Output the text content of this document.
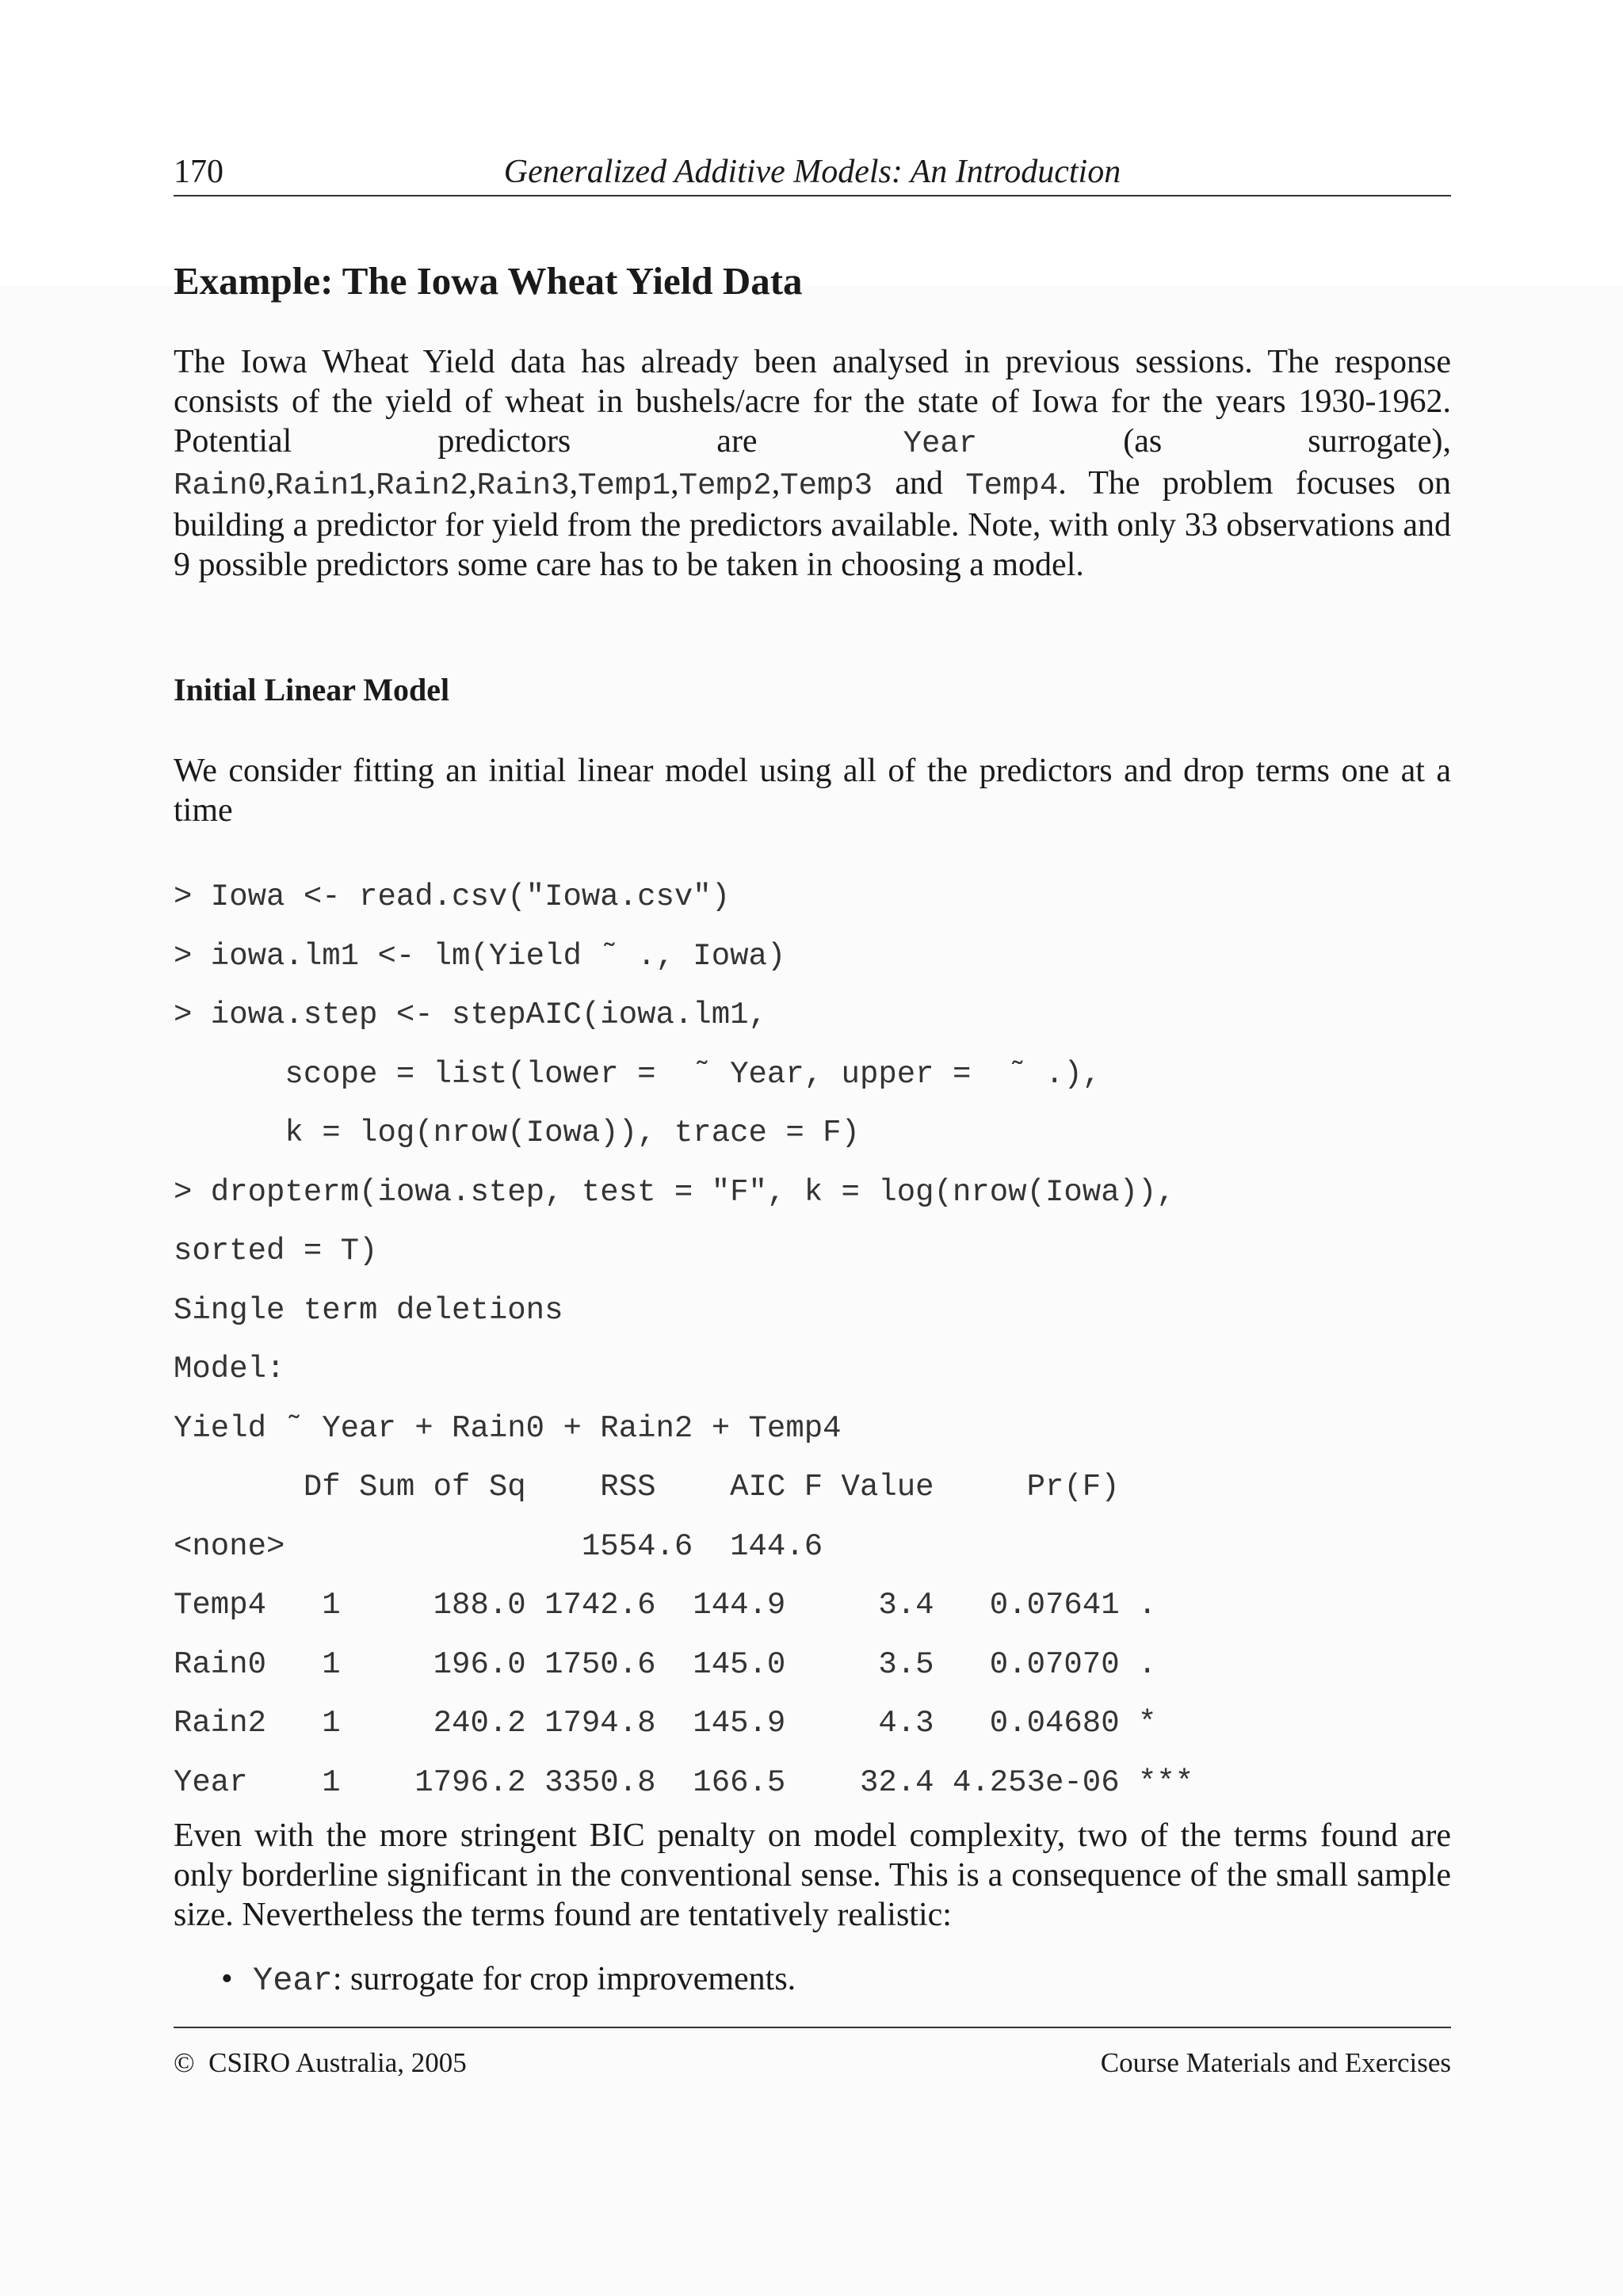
170	Generalized Additive Models: An Introduction
Example: The Iowa Wheat Yield Data

The Iowa Wheat Yield data has already been analysed in previous sessions. The response consists of the yield of wheat in bushels/acre for the state of Iowa for the years 1930-1962. Potential predictors are Year (as surrogate), Rain0,Rain1,Rain2,Rain3,Temp1,Temp2,Temp3 and Temp4. The problem focuses on building a predictor for yield from the predictors available. Note, with only 33 observations and 9 possible predictors some care has to be taken in choosing a model.

Initial Linear Model

We consider fitting an initial linear model using all of the predictors and drop terms one at a time

> Iowa <- read.csv("Iowa.csv")
> iowa.lm1 <- lm(Yield ˜ ., Iowa)
> iowa.step <- stepAIC(iowa.lm1,
scope = list(lower =  ˜ Year, upper =  ˜ .),
k = log(nrow(Iowa)), trace = F)
> dropterm(iowa.step, test = "F", k = log(nrow(Iowa)),
sorted = T)
Single term deletions
Model:
Yield ˜ Year + Rain0 + Rain2 + Temp4
Df Sum of Sq    RSS    AIC F Value     Pr(F)
<none>                1554.6  144.6
Temp4   1     188.0 1742.6  144.9     3.4   0.07641 .
Rain0   1     196.0 1750.6  145.0     3.5   0.07070 .
Rain2   1     240.2 1794.8  145.9     4.3   0.04680 *
Year    1    1796.2 3350.8  166.5    32.4 4.253e-06 ***

Even with the more stringent BIC penalty on model complexity, two of the terms found are only borderline significant in the conventional sense. This is a consequence of the small sample size. Nevertheless the terms found are tentatively realistic:

• Year: surrogate for crop improvements.
© CSIRO Australia, 2005	Course Materials and Exercises
